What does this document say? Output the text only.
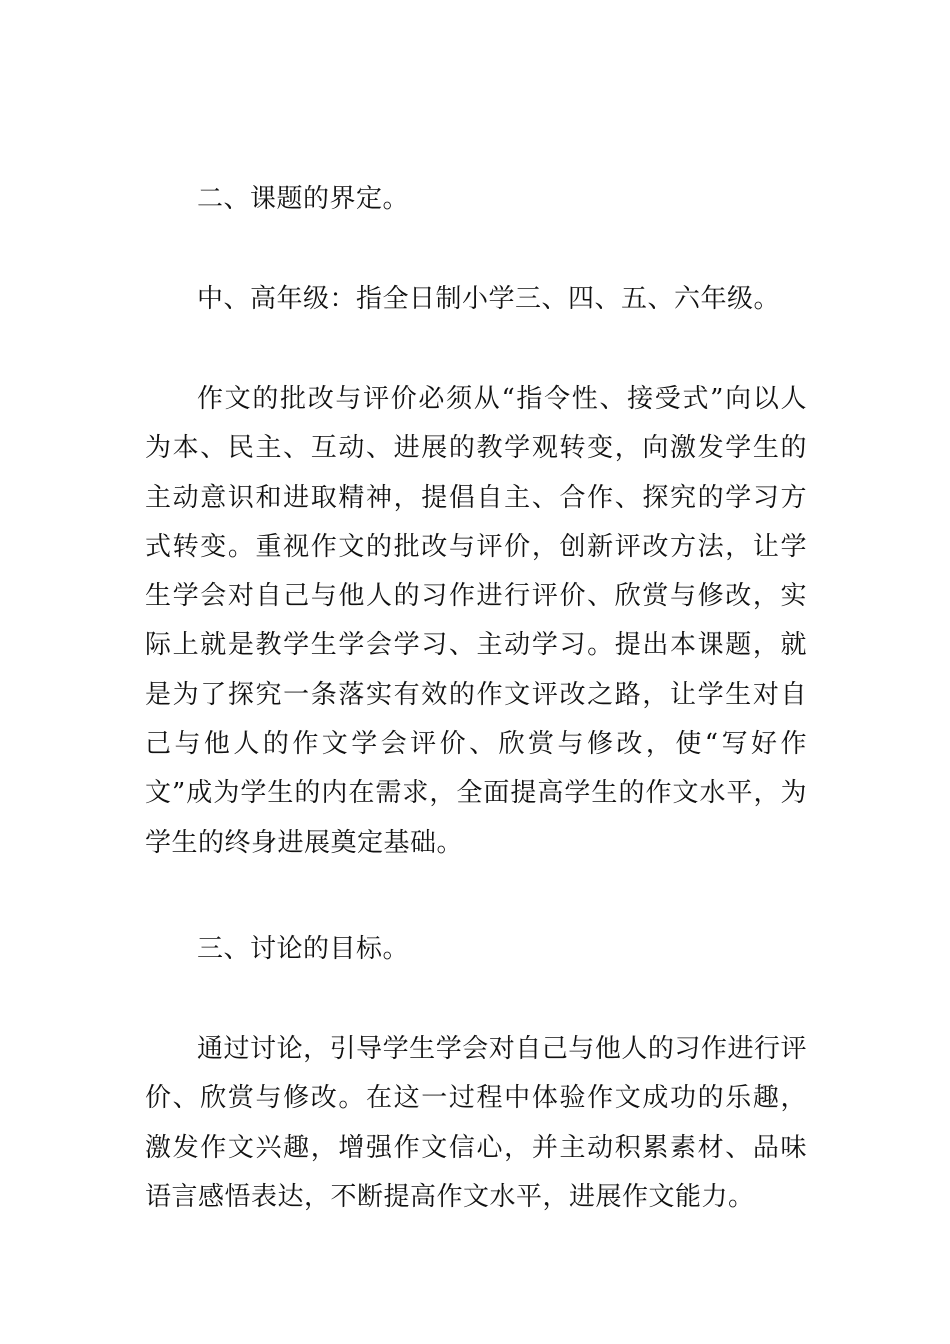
二、课题的界定。

中、高年级：指全日制小学三、四、五、六年级。

作文的批改与评价必须从“指令性、接受式”向以人为本、民主、互动、进展的教学观转变，向激发学生的主动意识和进取精神，提倡自主、合作、探究的学习方式转变。重视作文的批改与评价，创新评改方法，让学生学会对自己与他人的习作进行评价、欣赏与修改，实际上就是教学生学会学习、主动学习。提出本课题，就是为了探究一条落实有效的作文评改之路，让学生对自己与他人的作文学会评价、欣赏与修改，使“写好作文”成为学生的内在需求，全面提高学生的作文水平，为学生的终身进展奠定基础。

三、讨论的目标。

通过讨论，引导学生学会对自己与他人的习作进行评价、欣赏与修改。在这一过程中体验作文成功的乐趣，激发作文兴趣，增强作文信心，并主动积累素材、品味语言感悟表达，不断提高作文水平，进展作文能力。
